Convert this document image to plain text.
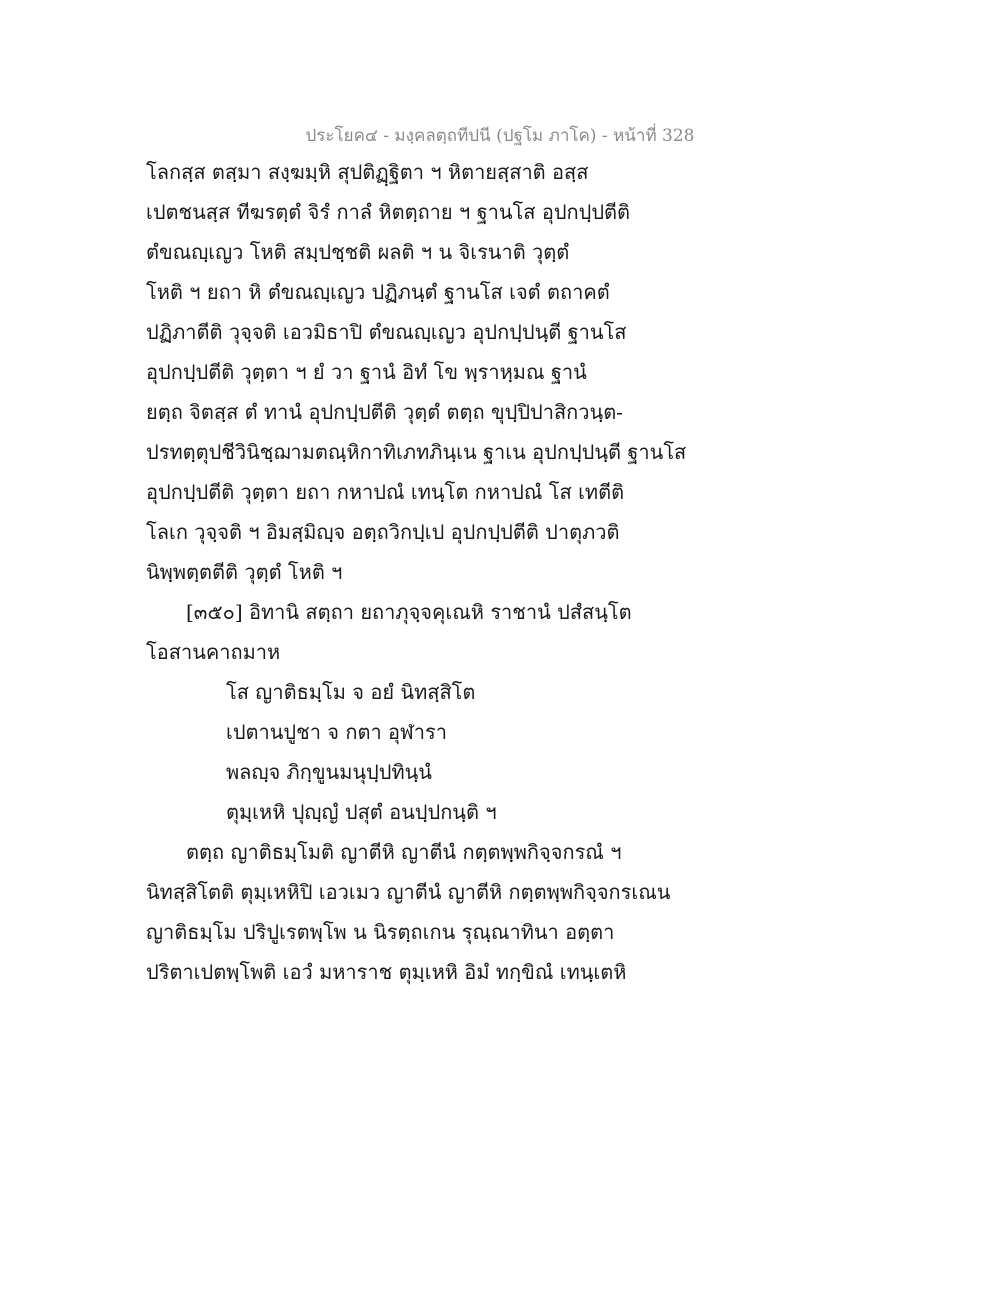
ประโยค๔ - มงฺคลตฺถทีปนี (ปฐโม ภาโค) - หน้าที่ 328
โลกสฺส ตสฺมา สงฺฆมฺหิ สุปติฏฺฐิตา ฯ หิตายสฺสาติ อสฺส
เปตชนสฺส ทีฆรตฺตํ จิรํ กาลํ หิตตฺถาย ฯ ฐานโส อุปกปฺปตีติ
ตํขณญฺเญว โหติ สมฺปชฺชติ ผลติ ฯ น จิเรนาติ วุตฺตํ
โหติ ฯ ยถา หิ ตํขณญฺเญว ปฏิภนฺตํ ฐานโส เจตํ ตถาคตํ
ปฏิภาตีติ วุจฺจติ เอวมิธาปิ ตํขณญฺเญว อุปกปฺปนฺตี ฐานโส
อุปกปฺปตีติ วุตฺตา ฯ ยํ วา ฐานํ อิทํ โข พฺราหฺมณ ฐานํ
ยตฺถ จิตสฺส ตํ ทานํ อุปกปฺปตีติ วุตฺตํ ตตฺถ ขุปฺปิปาสิกวนฺต-
ปรทตฺตุปชีวินิชฺฌามตณฺหิกาทิเภทภินฺเน ฐาเน อุปกปฺปนฺตี ฐานโส
อุปกปฺปตีติ วุตฺตา ยถา กหาปณํ เทนฺโต กหาปณํ โส เทตีติ
โลเก วุจฺจติ ฯ อิมสฺมิญฺจ อตฺถวิกปฺเป อุปกปฺปตีติ ปาตุภวติ
นิพฺพตฺตตีติ วุตฺตํ โหติ ฯ
[๓๕๐] อิทานิ สตฺถา ยถาภุจฺจคุเณหิ ราชานํ ปสํสนฺโต
โอสานคาถมาห
โส ญาติธมฺโม จ อยํ นิทสฺสิโต
เปตานปูชา จ กตา อุฬารา
พลญฺจ ภิกฺขูนมนุปฺปทินฺนํ
ตุมฺเหหิ ปุญฺญํ ปสุตํ อนปฺปกนฺติ ฯ
ตตฺถ ญาติธมฺโมติ ญาตีหิ ญาตีนํ กตฺตพฺพกิจฺจกรณํ ฯ
นิทสฺสิโตติ ตุมฺเหหิปิ เอวเมว ญาตีนํ ญาตีหิ กตฺตพฺพกิจฺจกรเณน
ญาติธมฺโม ปริปูเรตพฺโพ น นิรตฺถเกน รุณฺณาทินา อตฺตา
ปริตาเปตพฺโพติ เอวํ มหาราช ตุมฺเหหิ อิมํ ทกฺขิณํ เทนฺเตหิ
